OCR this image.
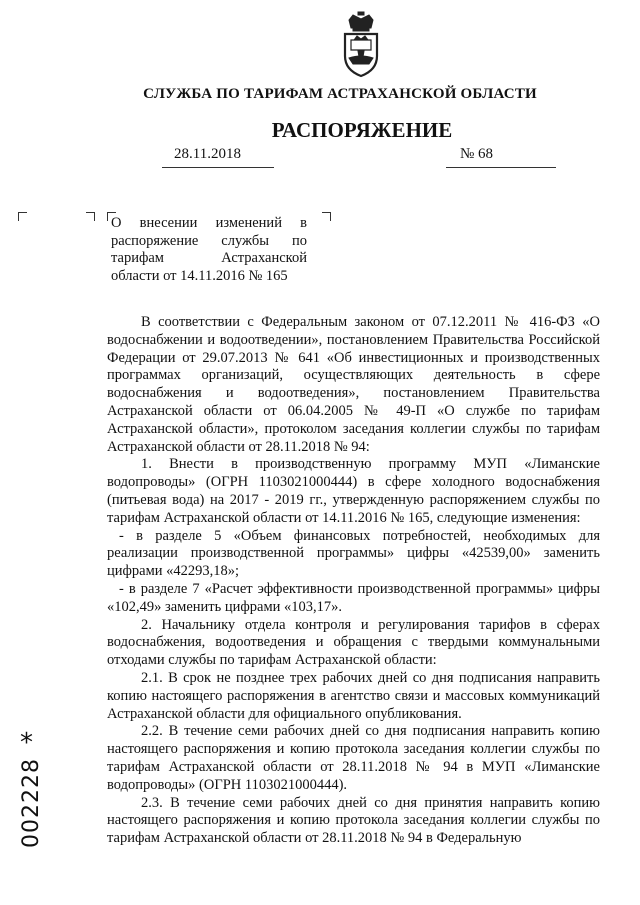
СЛУЖБА ПО ТАРИФАМ АСТРАХАНСКОЙ ОБЛАСТИ
РАСПОРЯЖЕНИЕ
28.11.2018	№ 68
О внесении изменений в
распоряжение службы по
тарифам Астраханской
области от 14.11.2016 № 165

В соответствии с Федеральным законом от 07.12.2011 № 416-ФЗ «О водоснабжении и водоотведении», постановлением Правительства Российской Федерации от 29.07.2013 № 641 «Об инвестиционных и производственных программах организаций, осуществляющих деятельность в сфере водоснабжения и водоотведения», постановлением Правительства Астраханской области от 06.04.2005 № 49-П «О службе по тарифам Астраханской области», протоколом заседания коллегии службы по тарифам Астраханской области от 28.11.2018 № 94:

1. Внести в производственную программу МУП «Лиманские водопроводы» (ОГРН 1103021000444) в сфере холодного водоснабжения (питьевая вода) на 2017 - 2019 гг., утвержденную распоряжением службы по тарифам Астраханской области от 14.11.2016 № 165, следующие изменения:

- в разделе 5 «Объем финансовых потребностей, необходимых для реализации производственной программы» цифры «42539,00» заменить цифрами «42293,18»;

- в разделе 7 «Расчет эффективности производственной программы» цифры «102,49» заменить цифрами «103,17».

2. Начальнику отдела контроля и регулирования тарифов в сферах водоснабжения, водоотведения и обращения с твердыми коммунальными отходами службы по тарифам Астраханской области:

2.1. В срок не позднее трех рабочих дней со дня подписания направить копию настоящего распоряжения в агентство связи и массовых коммуникаций Астраханской области для официального опубликования.

2.2. В течение семи рабочих дней со дня подписания направить копию настоящего распоряжения и копию протокола заседания коллегии службы по тарифам Астраханской области от 28.11.2018 № 94 в МУП «Лиманские водопроводы» (ОГРН 1103021000444).

2.3. В течение семи рабочих дней со дня принятия направить копию настоящего распоряжения и копию протокола заседания коллегии службы по тарифам Астраханской области от 28.11.2018 № 94 в Федеральную

*
002228
